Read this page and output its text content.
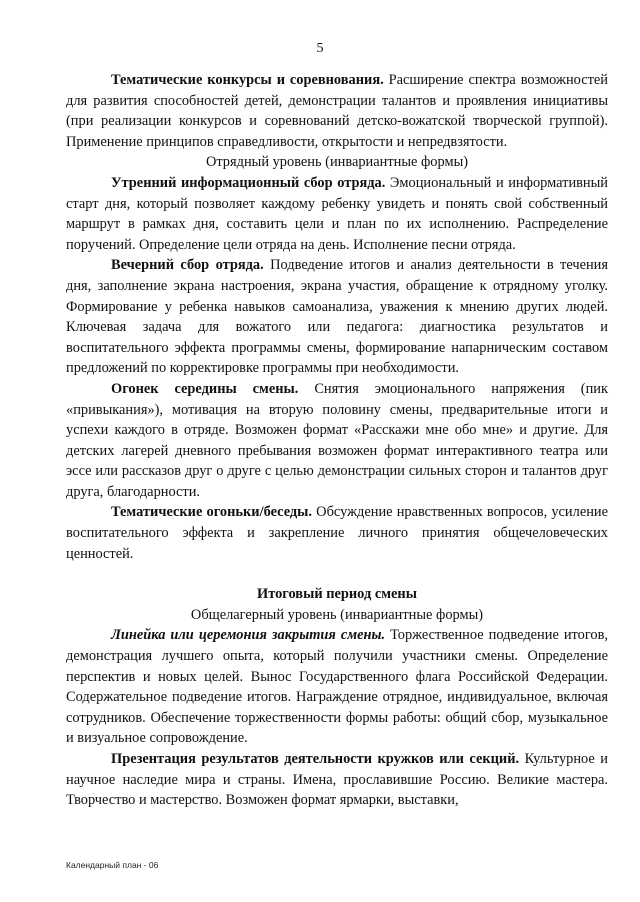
5

Тематические конкурсы и соревнования. Расширение спектра возможностей для развития способностей детей, демонстрации талантов и проявления инициативы (при реализации конкурсов и соревнований детско-вожатской творческой группой). Применение принципов справедливости, открытости и непредвзятости.

Отрядный уровень (инвариантные формы)

Утренний информационный сбор отряда. Эмоциональный и информативный старт дня, который позволяет каждому ребенку увидеть и понять свой собственный маршрут в рамках дня, составить цели и план по их исполнению. Распределение поручений. Определение цели отряда на день. Исполнение песни отряда.

Вечерний сбор отряда. Подведение итогов и анализ деятельности в течения дня, заполнение экрана настроения, экрана участия, обращение к отрядному уголку. Формирование у ребенка навыков самоанализа, уважения к мнению других людей. Ключевая задача для вожатого или педагога: диагностика результатов и воспитательного эффекта программы смены, формирование напарническим составом предложений по корректировке программы при необходимости.

Огонек середины смены. Снятия эмоционального напряжения (пик «привыкания»), мотивация на вторую половину смены, предварительные итоги и успехи каждого в отряде. Возможен формат «Расскажи мне обо мне» и другие. Для детских лагерей дневного пребывания возможен формат интерактивного театра или эссе или рассказов друг о друге с целью демонстрации сильных сторон и талантов друг друга, благодарности.

Тематические огоньки/беседы. Обсуждение нравственных вопросов, усиление воспитательного эффекта и закрепление личного принятия общечеловеческих ценностей.

Итоговый период смены

Общелагерный уровень (инвариантные формы)

Линейка или церемония закрытия смены. Торжественное подведение итогов, демонстрация лучшего опыта, который получили участники смены. Определение перспектив и новых целей. Вынос Государственного флага Российской Федерации. Содержательное подведение итогов. Награждение отрядное, индивидуальное, включая сотрудников. Обеспечение торжественности формы работы: общий сбор, музыкальное и визуальное сопровождение.

Презентация результатов деятельности кружков или секций. Культурное и научное наследие мира и страны. Имена, прославившие Россию. Великие мастера. Творчество и мастерство. Возможен формат ярмарки, выставки,

Календарный план - 06
